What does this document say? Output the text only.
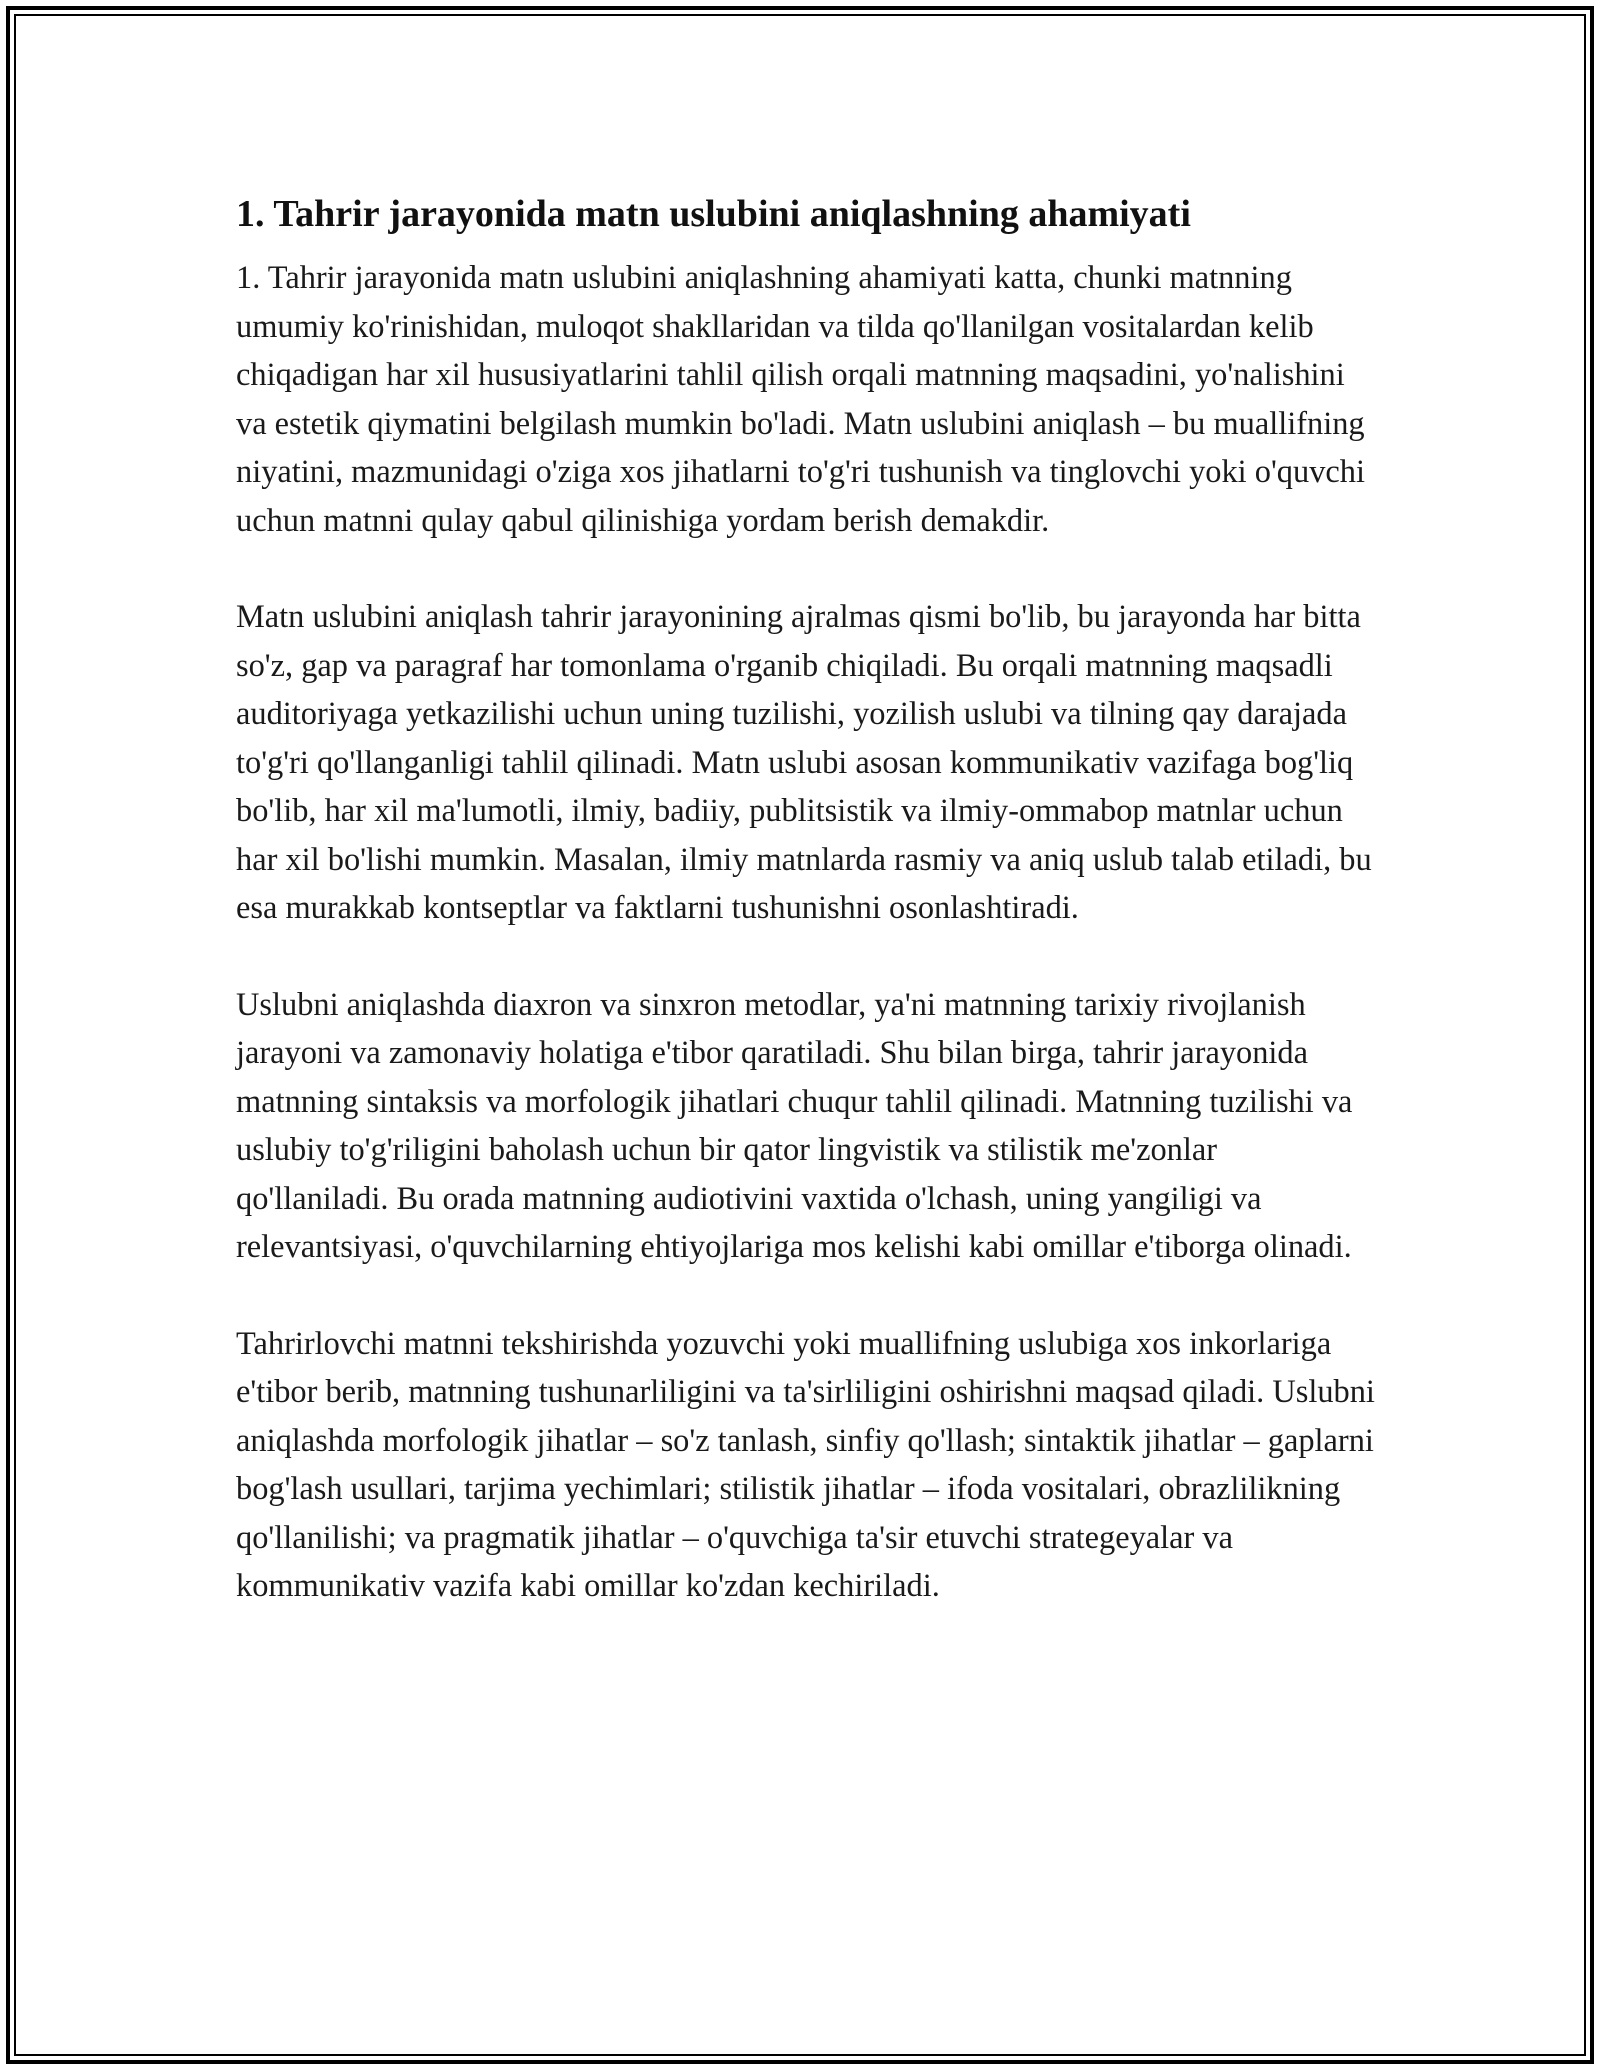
1. Tahrir jarayonida matn uslubini aniqlashning ahamiyati

1. Tahrir jarayonida matn uslubini aniqlashning ahamiyati katta, chunki matnning umumiy ko'rinishidan, muloqot shakllaridan va tilda qo'llanilgan vositalardan kelib chiqadigan har xil hususiyatlarini tahlil qilish orqali matnning maqsadini, yo'nalishini va estetik qiymatini belgilash mumkin bo'ladi. Matn uslubini aniqlash – bu muallifning niyatini, mazmunidagi o'ziga xos jihatlarni to'g'ri tushunish va tinglovchi yoki o'quvchi uchun matnni qulay qabul qilinishiga yordam berish demakdir.

Matn uslubini aniqlash tahrir jarayonining ajralmas qismi bo'lib, bu jarayonda har bitta so'z, gap va paragraf har tomonlama o'rganib chiqiladi. Bu orqali matnning maqsadli auditoriyaga yetkazilishi uchun uning tuzilishi, yozilish uslubi va tilning qay darajada to'g'ri qo'llanganligi tahlil qilinadi. Matn uslubi asosan kommunikativ vazifaga bog'liq bo'lib, har xil ma'lumotli, ilmiy, badiiy, publitsistik va ilmiy-ommabop matnlar uchun har xil bo'lishi mumkin. Masalan, ilmiy matnlarda rasmiy va aniq uslub talab etiladi, bu esa murakkab kontseptlar va faktlarni tushunishni osonlashtiradi.

Uslubni aniqlashda diaxron va sinxron metodlar, ya'ni matnning tarixiy rivojlanish jarayoni va zamonaviy holatiga e'tibor qaratiladi. Shu bilan birga, tahrir jarayonida matnning sintaksis va morfologik jihatlari chuqur tahlil qilinadi. Matnning tuzilishi va uslubiy to'g'riligini baholash uchun bir qator lingvistik va stilistik me'zonlar qo'llaniladi. Bu orada matnning audiotivini vaxtida o'lchash, uning yangiligi va relevantsiyasi, o'quvchilarning ehtiyojlariga mos kelishi kabi omillar e'tiborga olinadi.

Tahrirlovchi matnni tekshirishda yozuvchi yoki muallifning uslubiga xos inkorlariga e'tibor berib, matnning tushunarliligini va ta'sirliligini oshirishni maqsad qiladi. Uslubni aniqlashda morfologik jihatlar – so'z tanlash, sinfiy qo'llash; sintaktik jihatlar – gaplarni bog'lash usullari, tarjima yechimlari; stilistik jihatlar – ifoda vositalari, obrazlilikning qo'llanilishi; va pragmatik jihatlar – o'quvchiga ta'sir etuvchi strategeyalar va kommunikativ vazifa kabi omillar ko'zdan kechiriladi.
